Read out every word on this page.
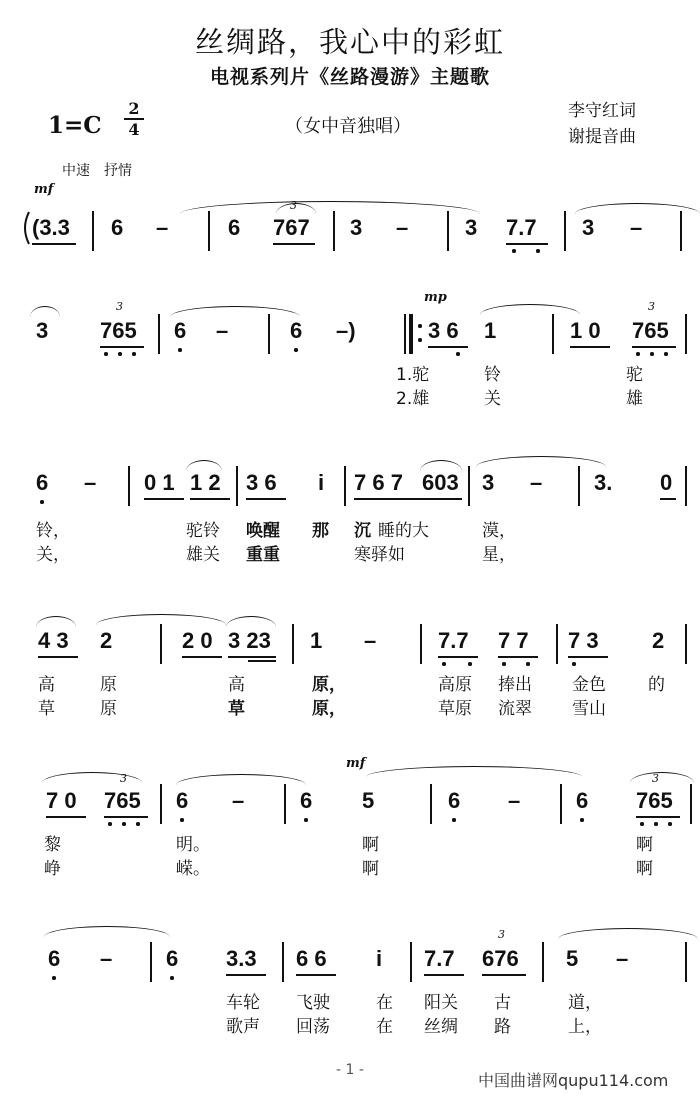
丝绸路，我心中的彩虹
电视系列片《丝路漫游》主题歌
1=C
2
4	（女中音独唱）
李守红词
谢提音曲
中速　抒情
mf
(3.3 6 –	6
3
767 3 –	3 7.7 3 –
3
3
765 6 –	6 –)
mp
3 6 1	1 0
3
765
1.驼	铃	驼
2.雄	关	雄
6 – 0 1 1 2 3 6 i 7 6 7 603 3 – 3. 0
铃，	驼铃 唤醒 那 沉 睡的大	漠，
关，	雄关 重重	寒驿如	星，
4 3 2	2 0 3 23 1 –	7.7 7 7 7 3 2
高	原	高	原，	高原 捧出 金色 的
草	原	草	原，	草原 流翠 雪山
mf
7 0
3
765 6 –	6 5	6 –	6
3
765
黎	明。	啊	啊
峥	嵘。	啊	啊
6 – 6 3.3 6 6 i 7.7
3
676 5 –
车轮 飞驶	在 阳关 古	道，
歌声 回荡	在 丝绸 路	上，
- 1 -
中国曲谱网qupu114.com
